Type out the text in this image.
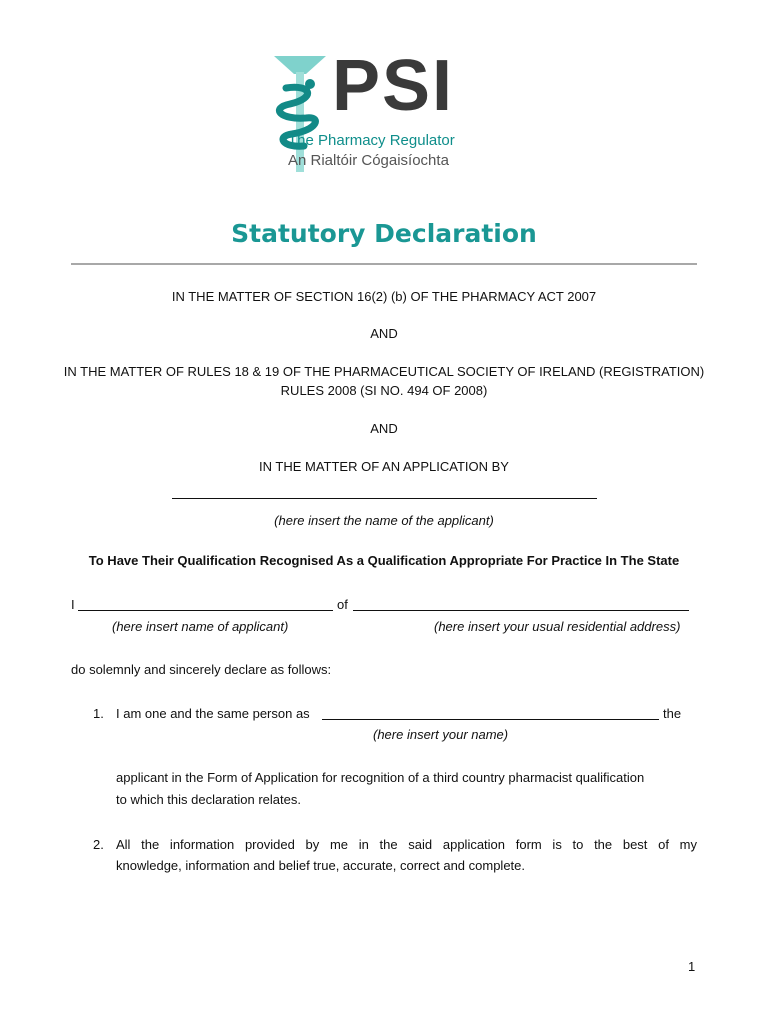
PSI
The Pharmacy Regulator
An Rialtóir Cógaisíochta
Statutory Declaration
IN THE MATTER OF SECTION 16(2) (b) OF THE PHARMACY ACT 2007
AND
IN THE MATTER OF RULES 18 & 19 OF THE PHARMACEUTICAL SOCIETY OF IRELAND (REGISTRATION)
RULES 2008 (SI NO. 494 OF 2008)
AND
IN THE MATTER OF AN APPLICATION BY
(here insert the name of the applicant)
To Have Their Qualification Recognised As a Qualification Appropriate For Practice In The State
I	of
(here insert name of applicant)	(here insert your usual residential address)
do solemnly and sincerely declare as follows:
1. I am one and the same person as	the
(here insert your name)
applicant in the Form of Application for recognition of a third country pharmacist qualification
to which this declaration relates.
2. All the information provided by me in the said application form is to the best of my
knowledge, information and belief true, accurate, correct and complete.
1
